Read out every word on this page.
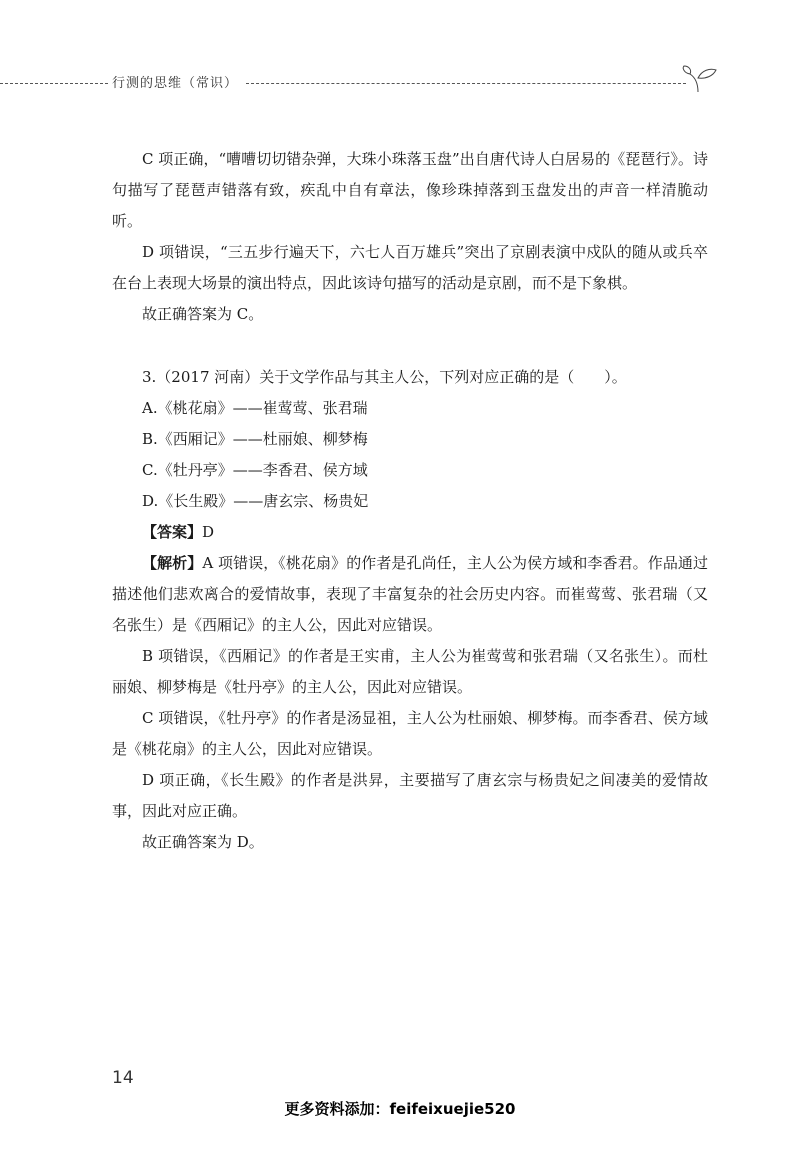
行测的思维（常识）

C 项正确，“嘈嘈切切错杂弹，大珠小珠落玉盘”出自唐代诗人白居易的《琵琶行》。诗句描写了琵琶声错落有致，疾乱中自有章法，像珍珠掉落到玉盘发出的声音一样清脆动听。

D 项错误，“三五步行遍天下，六七人百万雄兵”突出了京剧表演中戍队的随从或兵卒在台上表现大场景的演出特点，因此该诗句描写的活动是京剧，而不是下象棋。

故正确答案为 C。

3.（2017 河南）关于文学作品与其主人公，下列对应正确的是（　　）。

A.《桃花扇》——崔莺莺、张君瑞

B.《西厢记》——杜丽娘、柳梦梅

C.《牡丹亭》——李香君、侯方域

D.《长生殿》——唐玄宗、杨贵妃

【答案】D

【解析】A 项错误，《桃花扇》的作者是孔尚任，主人公为侯方域和李香君。作品通过描述他们悲欢离合的爱情故事，表现了丰富复杂的社会历史内容。而崔莺莺、张君瑞（又名张生）是《西厢记》的主人公，因此对应错误。

B 项错误，《西厢记》的作者是王实甫，主人公为崔莺莺和张君瑞（又名张生）。而杜丽娘、柳梦梅是《牡丹亭》的主人公，因此对应错误。

C 项错误，《牡丹亭》的作者是汤显祖，主人公为杜丽娘、柳梦梅。而李香君、侯方域是《桃花扇》的主人公，因此对应错误。

D 项正确，《长生殿》的作者是洪昇，主要描写了唐玄宗与杨贵妃之间凄美的爱情故事，因此对应正确。

故正确答案为 D。

14
更多资料添加：feifeixuejie520
